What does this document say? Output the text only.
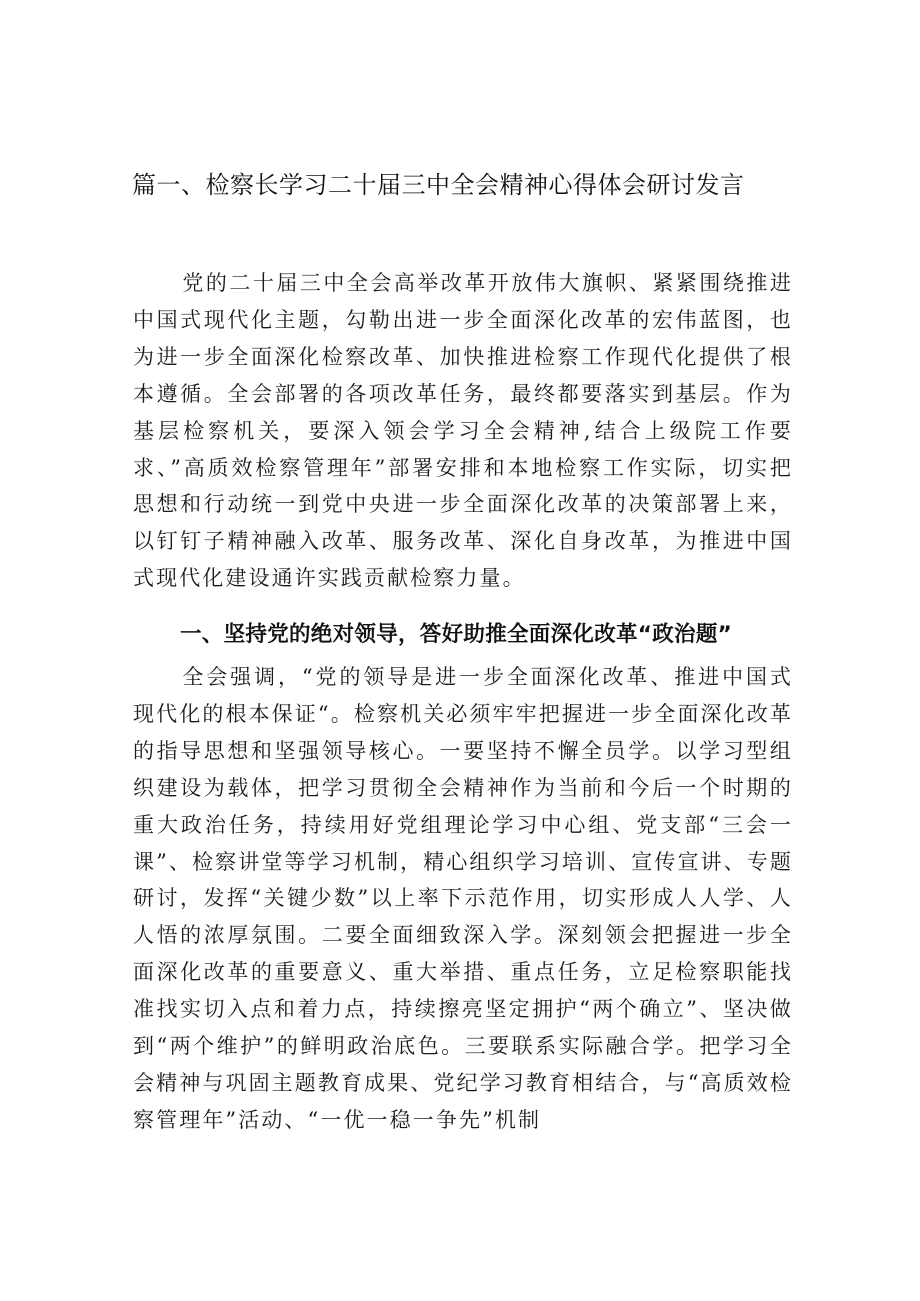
篇一、检察长学习二十届三中全会精神心得体会研讨发言

党的二十届三中全会高举改革开放伟大旗帜、紧紧围绕推进中国式现代化主题，勾勒出进一步全面深化改革的宏伟蓝图，也为进一步全面深化检察改革、加快推进检察工作现代化提供了根本遵循。全会部署的各项改革任务，最终都要落实到基层。作为基层检察机关，要深入领会学习全会精神,结合上级院工作要求、”高质效检察管理年”部署安排和本地检察工作实际，切实把思想和行动统一到党中央进一步全面深化改革的决策部署上来，以钉钉子精神融入改革、服务改革、深化自身改革，为推进中国式现代化建设通许实践贡献检察力量。

一、坚持党的绝对领导，答好助推全面深化改革“政治题”

全会强调，“党的领导是进一步全面深化改革、推进中国式现代化的根本保证“。检察机关必须牢牢把握进一步全面深化改革的指导思想和坚强领导核心。一要坚持不懈全员学。以学习型组织建设为载体，把学习贯彻全会精神作为当前和今后一个时期的重大政治任务，持续用好党组理论学习中心组、党支部“三会一课”、检察讲堂等学习机制，精心组织学习培训、宣传宣讲、专题研讨，发挥“关键少数”以上率下示范作用，切实形成人人学、人人悟的浓厚氛围。二要全面细致深入学。深刻领会把握进一步全面深化改革的重要意义、重大举措、重点任务，立足检察职能找准找实切入点和着力点，持续擦亮坚定拥护“两个确立”、坚决做到“两个维护”的鲜明政治底色。三要联系实际融合学。把学习全会精神与巩固主题教育成果、党纪学习教育相结合，与“高质效检察管理年”活动、“一优一稳一争先”机制
